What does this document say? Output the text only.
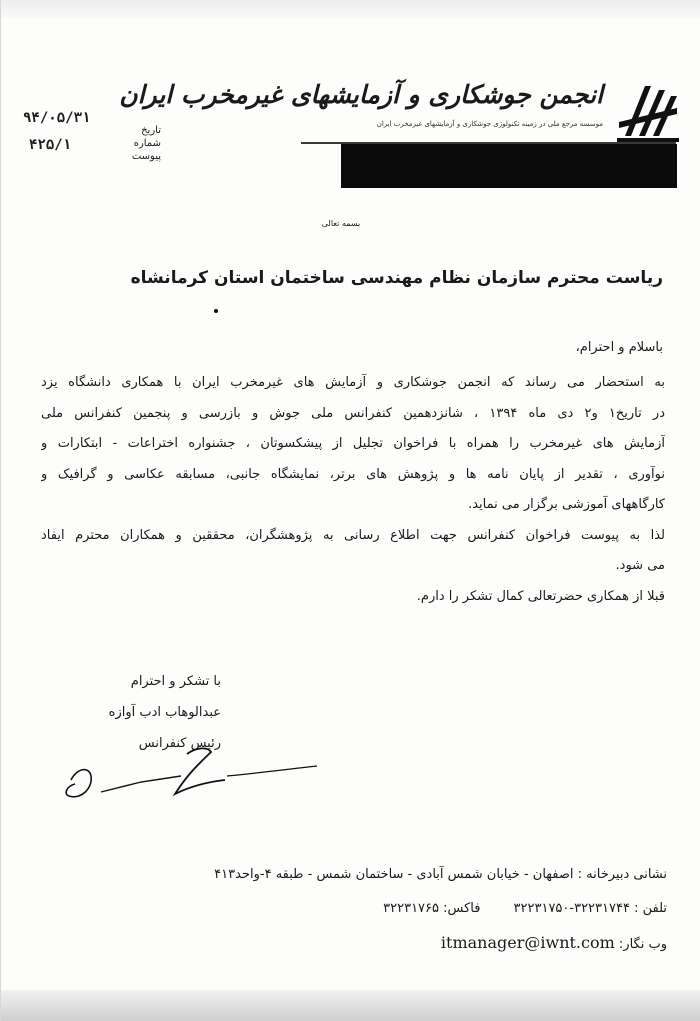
انجمن جوشکاری و آزمایشهای غیرمخرب ایران
موسسه مرجع ملی در زمینه تکنولوژی جوشکاری و آزمایشهای غیرمخرب ایران
تاریخ
شماره
پیوست
۹۴/۰۵/۳۱
۴۲۵/۱
بسمه تعالی
ریاست محترم سازمان نظام مهندسی ساختمان استان کرمانشاه
باسلام و احترام،
به استحضار می رساند که انجمن جوشکاری و آزمایش های غیرمخرب ایران با همکاری دانشگاه یزد
در تاریخ۱ و۲ دی ماه ۱۳۹۴ ، شانزدهمین کنفرانس ملی جوش و بازرسی و پنجمین کنفرانس ملی
آزمایش های غیرمخرب را همراه با فراخوان تجلیل از پیشکسوتان ، جشنواره اختراعات - ابتکارات و
نوآوری ، تقدیر از پایان نامه ها و پژوهش های برتر، نمایشگاه جانبی، مسابقه عکاسی و گرافیک و
کارگاههای آموزشی برگزار می نماید.
لذا به پیوست فراخوان کنفرانس جهت اطلاع رسانی به پژوهشگران، محققین و همکاران محترم ایفاد
می شود.
قبلا از همکاری حضرتعالی کمال تشکر را دارم.
با تشکر و احترام
عبدالوهاب ادب آوازه
رئیس کنفرانس
نشانی دبیرخانه : اصفهان - خیابان شمس آبادی - ساختمان شمس - طبقه ۴-واحد۴۱۳
تلفن : ۳۲۲۳۱۷۵۰-۳۲۲۳۱۷۴۴        فاکس: ۳۲۲۳۱۷۶۵
وب نگار: itmanager@iwnt.com
